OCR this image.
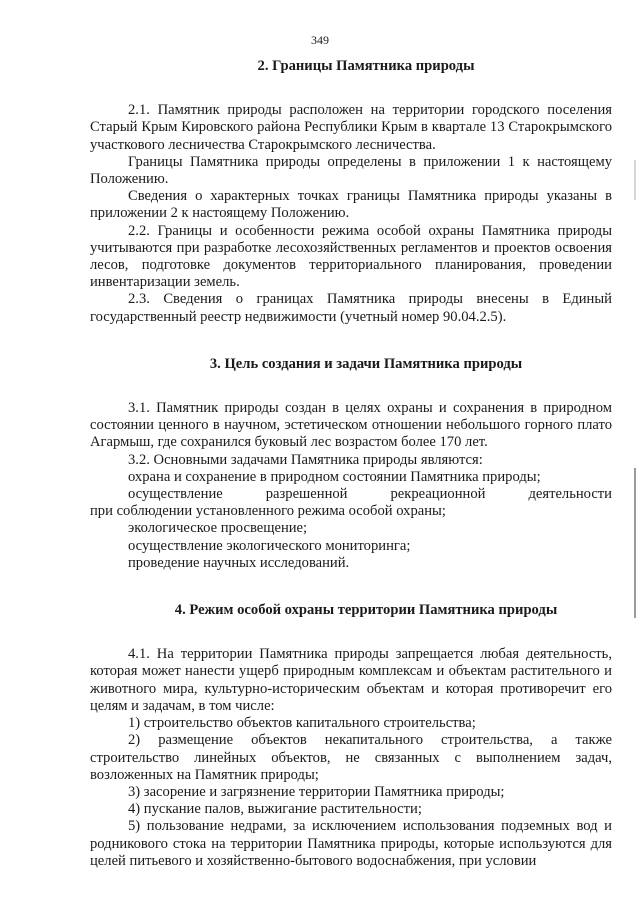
349
2. Границы Памятника природы

2.1. Памятник природы расположен на территории городского поселения Старый Крым Кировского района Республики Крым в квартале 13 Старокрымского участкового лесничества Старокрымского лесничества.

Границы Памятника природы определены в приложении 1 к настоящему Положению.

Сведения о характерных точках границы Памятника природы указаны в приложении 2 к настоящему Положению.

2.2. Границы и особенности режима особой охраны Памятника природы учитываются при разработке лесохозяйственных регламентов и проектов освоения лесов, подготовке документов территориального планирования, проведении инвентаризации земель.

2.3. Сведения о границах Памятника природы внесены в Единый государственный реестр недвижимости (учетный номер 90.04.2.5).

3. Цель создания и задачи Памятника природы

3.1. Памятник природы создан в целях охраны и сохранения в природном состоянии ценного в научном, эстетическом отношении небольшого горного плато Агармыш, где сохранился буковый лес возрастом более 170 лет.

3.2. Основными задачами Памятника природы являются:

охрана и сохранение в природном состоянии Памятника природы;

осуществление разрешенной рекреационной деятельности

при соблюдении установленного режима особой охраны;

экологическое просвещение;

осуществление экологического мониторинга;

проведение научных исследований.

4. Режим особой охраны территории Памятника природы

4.1. На территории Памятника природы запрещается любая деятельность, которая может нанести ущерб природным комплексам и объектам растительного и животного мира, культурно-историческим объектам и которая противоречит его целям и задачам, в том числе:

1) строительство объектов капитального строительства;

2) размещение объектов некапитального строительства, а также строительство линейных объектов, не связанных с выполнением задач, возложенных на Памятник природы;

3) засорение и загрязнение территории Памятника природы;

4) пускание палов, выжигание растительности;

5) пользование недрами, за исключением использования подземных вод и родникового стока на территории Памятника природы, которые используются для целей питьевого и хозяйственно-бытового водоснабжения, при условии
